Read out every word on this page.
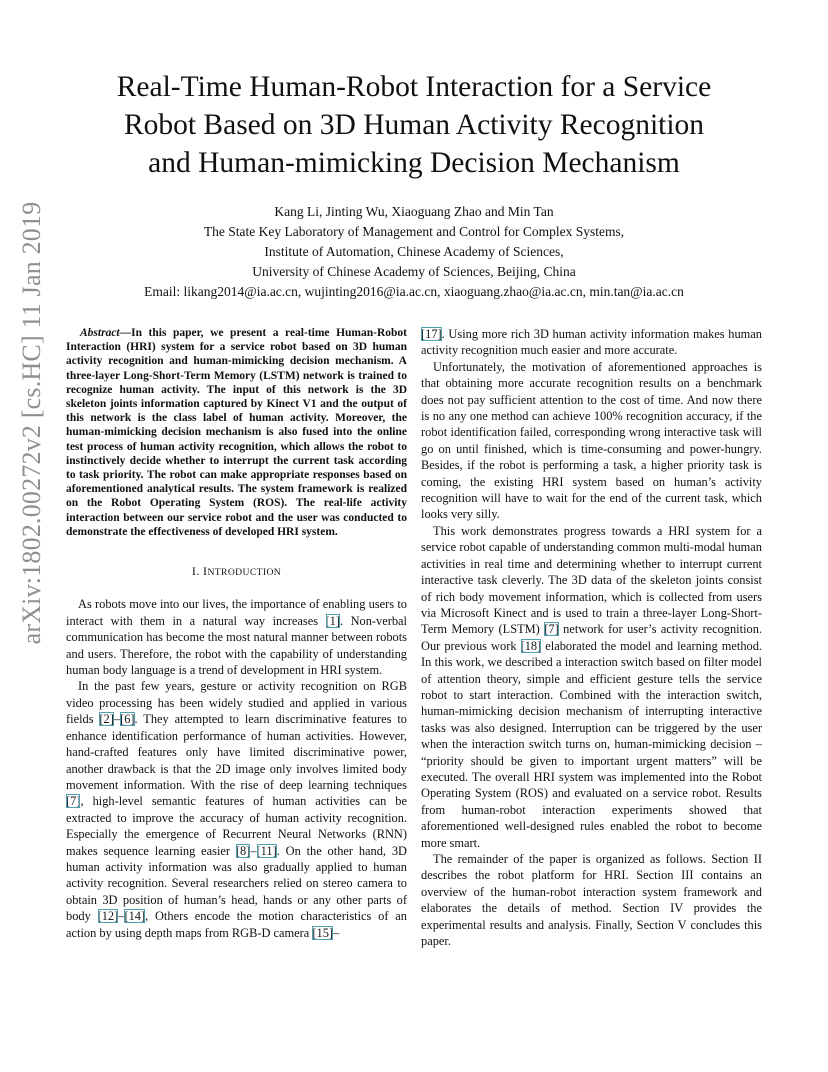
arXiv:1802.00272v2 [cs.HC] 11 Jan 2019
Real-Time Human-Robot Interaction for a Service
Robot Based on 3D Human Activity Recognition
and Human-mimicking Decision Mechanism
Kang Li, Jinting Wu, Xiaoguang Zhao and Min Tan
The State Key Laboratory of Management and Control for Complex Systems,
Institute of Automation, Chinese Academy of Sciences,
University of Chinese Academy of Sciences, Beijing, China
Email: likang2014@ia.ac.cn, wujinting2016@ia.ac.cn, xiaoguang.zhao@ia.ac.cn, min.tan@ia.ac.cn

Abstract—In this paper, we present a real-time Human-Robot Interaction (HRI) system for a service robot based on 3D human activity recognition and human-mimicking decision mechanism. A three-layer Long-Short-Term Memory (LSTM) network is trained to recognize human activity. The input of this network is the 3D skeleton joints information captured by Kinect V1 and the output of this network is the class label of human activity. Moreover, the human-mimicking decision mechanism is also fused into the online test process of human activity recognition, which allows the robot to instinctively decide whether to interrupt the current task according to task priority. The robot can make appropriate responses based on aforementioned analytical results. The system framework is realized on the Robot Operating System (ROS). The real-life activity interaction between our service robot and the user was conducted to demonstrate the effectiveness of developed HRI system.

I. INTRODUCTION

As robots move into our lives, the importance of enabling users to interact with them in a natural way increases [1]. Non-verbal communication has become the most natural manner between robots and users. Therefore, the robot with the capability of understanding human body language is a trend of development in HRI system.

In the past few years, gesture or activity recognition on RGB video processing has been widely studied and applied in various fields [2]–[6]. They attempted to learn discriminative features to enhance identification performance of human activities. However, hand-crafted features only have limited discriminative power, another drawback is that the 2D image only involves limited body movement information. With the rise of deep learning techniques [7], high-level semantic features of human activities can be extracted to improve the accuracy of human activity recognition. Especially the emergence of Recurrent Neural Networks (RNN) makes sequence learning easier [8]–[11]. On the other hand, 3D human activity information was also gradually applied to human activity recognition. Several researchers relied on stereo camera to obtain 3D position of human’s head, hands or any other parts of body [12]–[14], Others encode the motion characteristics of an action by using depth maps from RGB-D camera [15]–

[17]. Using more rich 3D human activity information makes human activity recognition much easier and more accurate.

Unfortunately, the motivation of aforementioned approaches is that obtaining more accurate recognition results on a benchmark does not pay sufficient attention to the cost of time. And now there is no any one method can achieve 100% recognition accuracy, if the robot identification failed, corresponding wrong interactive task will go on until finished, which is time-consuming and power-hungry. Besides, if the robot is performing a task, a higher priority task is coming, the existing HRI system based on human’s activity recognition will have to wait for the end of the current task, which looks very silly.

This work demonstrates progress towards a HRI system for a service robot capable of understanding common multi-modal human activities in real time and determining whether to interrupt current interactive task cleverly. The 3D data of the skeleton joints consist of rich body movement information, which is collected from users via Microsoft Kinect and is used to train a three-layer Long-Short-Term Memory (LSTM) [7] network for user’s activity recognition. Our previous work [18] elaborated the model and learning method. In this work, we described a interaction switch based on filter model of attention theory, simple and efficient gesture tells the service robot to start interaction. Combined with the interaction switch, human-mimicking decision mechanism of interrupting interactive tasks was also designed. Interruption can be triggered by the user when the interaction switch turns on, human-mimicking decision – “priority should be given to important urgent matters” will be executed. The overall HRI system was implemented into the Robot Operating System (ROS) and evaluated on a service robot. Results from human-robot interaction experiments showed that aforementioned well-designed rules enabled the robot to become more smart.

The remainder of the paper is organized as follows. Section II describes the robot platform for HRI. Section III contains an overview of the human-robot interaction system framework and elaborates the details of method. Section IV provides the experimental results and analysis. Finally, Section V concludes this paper.
